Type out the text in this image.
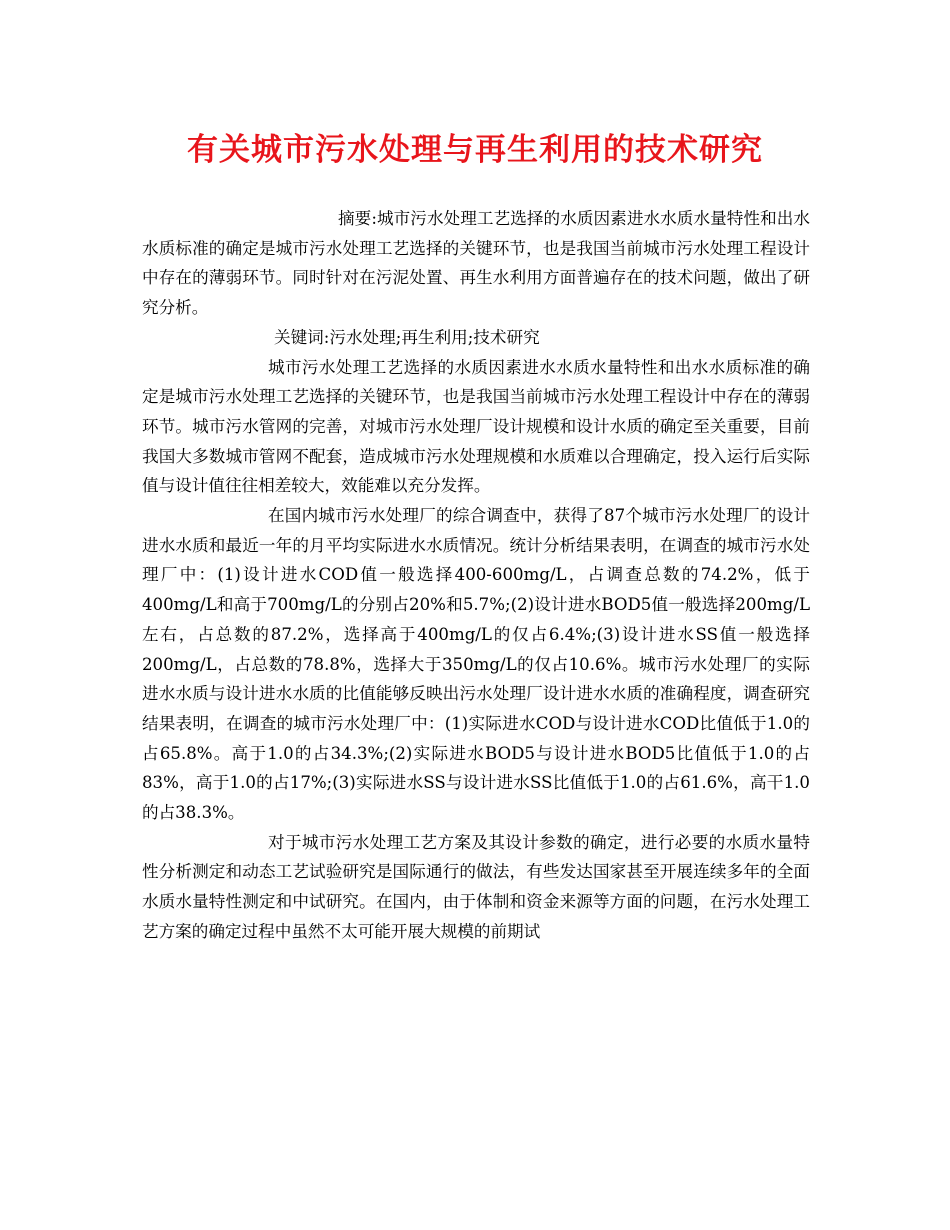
有关城市污水处理与再生利用的技术研究

摘要:城市污水处理工艺选择的水质因素进水水质水量特性和出水水质标准的确定是城市污水处理工艺选择的关键环节，也是我国当前城市污水处理工程设计中存在的薄弱环节。同时针对在污泥处置、再生水利用方面普遍存在的技术问题，做出了研究分析。

关键词:污水处理;再生利用;技术研究

城市污水处理工艺选择的水质因素进水水质水量特性和出水水质标准的确定是城市污水处理工艺选择的关键环节，也是我国当前城市污水处理工程设计中存在的薄弱环节。城市污水管网的完善，对城市污水处理厂设计规模和设计水质的确定至关重要，目前我国大多数城市管网不配套，造成城市污水处理规模和水质难以合理确定，投入运行后实际值与设计值往往相差较大，效能难以充分发挥。

在国内城市污水处理厂的综合调查中，获得了87个城市污水处理厂的设计进水水质和最近一年的月平均实际进水水质情况。统计分析结果表明，在调查的城市污水处理厂中：(1)设计进水COD值一般选择400-600mg/L，占调查总数的74.2%，低于400mg/L和高于700mg/L的分别占20%和5.7%;(2)设计进水BOD5值一般选择200mg/L左右，占总数的87.2%，选择高于400mg/L的仅占6.4%;(3)设计进水SS值一般选择200mg/L，占总数的78.8%，选择大于350mg/L的仅占10.6%。城市污水处理厂的实际进水水质与设计进水水质的比值能够反映出污水处理厂设计进水水质的准确程度，调查研究结果表明，在调查的城市污水处理厂中：(1)实际进水COD与设计进水COD比值低于1.0的占65.8%。高于1.0的占34.3%;(2)实际进水BOD5与设计进水BOD5比值低于1.0的占83%，高于1.0的占17%;(3)实际进水SS与设计进水SS比值低于1.0的占61.6%，高干1.0的占38.3%。

对于城市污水处理工艺方案及其设计参数的确定，进行必要的水质水量特性分析测定和动态工艺试验研究是国际通行的做法，有些发达国家甚至开展连续多年的全面水质水量特性测定和中试研究。在国内，由于体制和资金来源等方面的问题，在污水处理工艺方案的确定过程中虽然不太可能开展大规模的前期试
